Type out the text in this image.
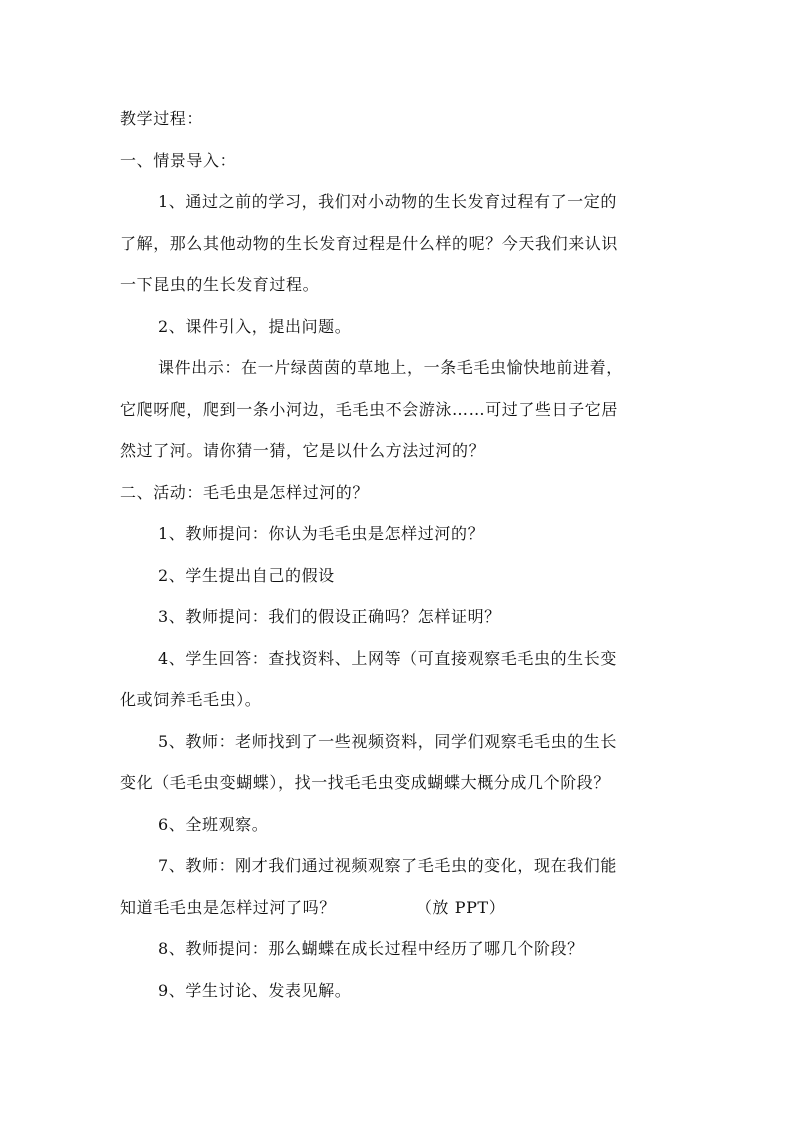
教学过程：
一、情景导入：
1、通过之前的学习，我们对小动物的生长发育过程有了一定的
了解，那么其他动物的生长发育过程是什么样的呢？今天我们来认识
一下昆虫的生长发育过程。
2、课件引入，提出问题。
课件出示：在一片绿茵茵的草地上，一条毛毛虫愉快地前进着，
它爬呀爬，爬到一条小河边，毛毛虫不会游泳……可过了些日子它居
然过了河。请你猜一猜，它是以什么方法过河的？
二、活动：毛毛虫是怎样过河的？
1、教师提问：你认为毛毛虫是怎样过河的？
2、学生提出自己的假设
3、教师提问：我们的假设正确吗？怎样证明？
4、学生回答：查找资料、上网等（可直接观察毛毛虫的生长变
化或饲养毛毛虫）。
5、教师：老师找到了一些视频资料，同学们观察毛毛虫的生长
变化（毛毛虫变蝴蝶），找一找毛毛虫变成蝴蝶大概分成几个阶段？
6、全班观察。
7、教师：刚才我们通过视频观察了毛毛虫的变化，现在我们能
知道毛毛虫是怎样过河了吗？	（放 PPT）
8、教师提问：那么蝴蝶在成长过程中经历了哪几个阶段？
9、学生讨论、发表见解。
